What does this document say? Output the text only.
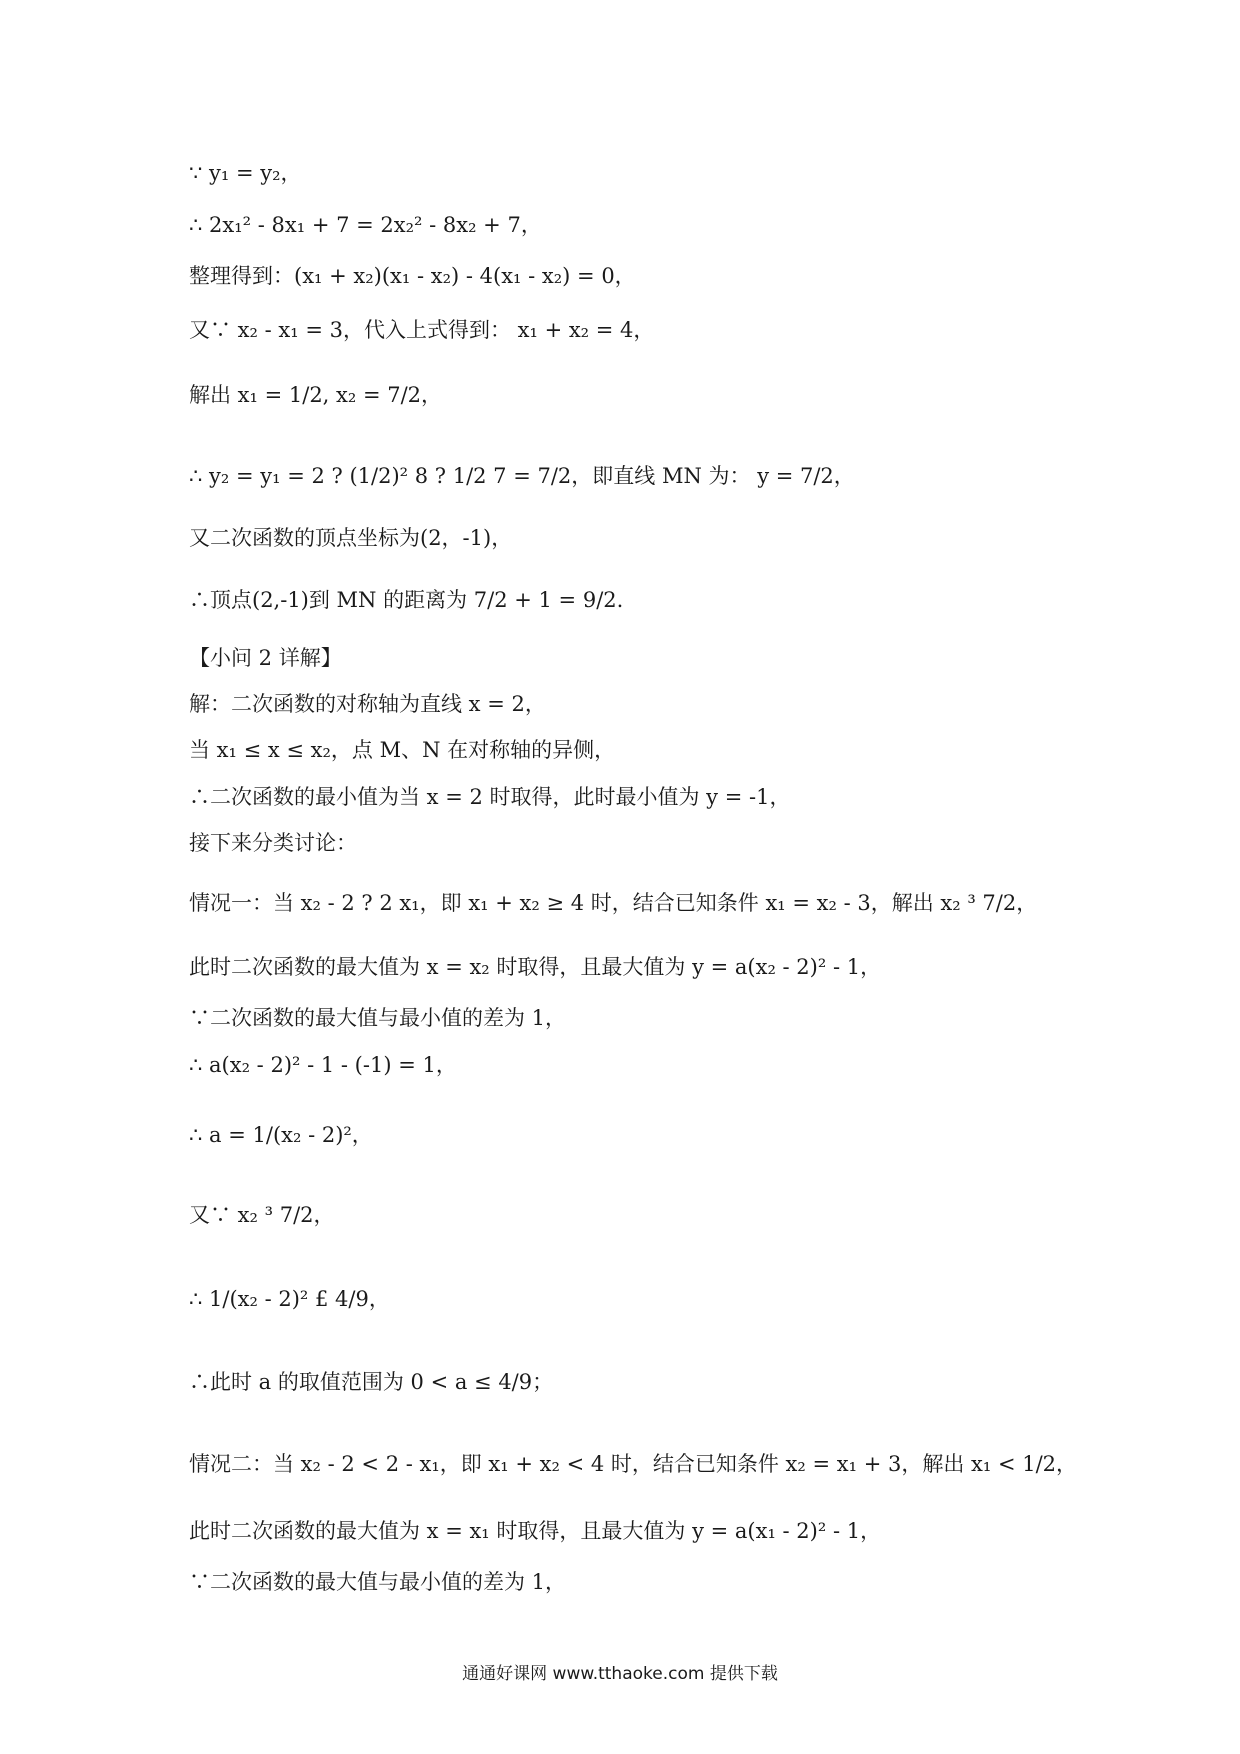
∵ y₁ = y₂，
∴ 2x₁² - 8x₁ + 7 = 2x₂² - 8x₂ + 7，
整理得到：(x₁ + x₂)(x₁ - x₂) - 4(x₁ - x₂) = 0，
又∵ x₂ - x₁ = 3，代入上式得到： x₁ + x₂ = 4，
解出 x₁ = 1/2, x₂ = 7/2，
∴ y₂ = y₁ = 2 ? (1/2)² 8 ? 1/2 7 = 7/2，即直线 MN 为： y = 7/2，
又二次函数的顶点坐标为(2，-1)，
∴顶点(2,-1)到 MN 的距离为 7/2 + 1 = 9/2.
【小问 2 详解】
解：二次函数的对称轴为直线 x = 2，
当 x₁ ≤ x ≤ x₂，点 M、N 在对称轴的异侧，
∴二次函数的最小值为当 x = 2 时取得，此时最小值为 y = -1，
接下来分类讨论：
情况一：当 x₂ - 2 ? 2 x₁，即 x₁ + x₂ ≥ 4 时，结合已知条件 x₁ = x₂ - 3，解出 x₂ ³ 7/2，
此时二次函数的最大值为 x = x₂ 时取得，且最大值为 y = a(x₂ - 2)² - 1，
∵二次函数的最大值与最小值的差为 1，
∴ a(x₂ - 2)² - 1 - (-1) = 1，
∴ a = 1/(x₂ - 2)²，
又∵ x₂ ³ 7/2，
∴ 1/(x₂ - 2)² £ 4/9，
∴此时 a 的取值范围为 0 < a ≤ 4/9；
情况二：当 x₂ - 2 < 2 - x₁，即 x₁ + x₂ < 4 时，结合已知条件 x₂ = x₁ + 3，解出 x₁ < 1/2，
此时二次函数的最大值为 x = x₁ 时取得，且最大值为 y = a(x₁ - 2)² - 1，
∵二次函数的最大值与最小值的差为 1，
通通好课网 www.tthaoke.com 提供下载
